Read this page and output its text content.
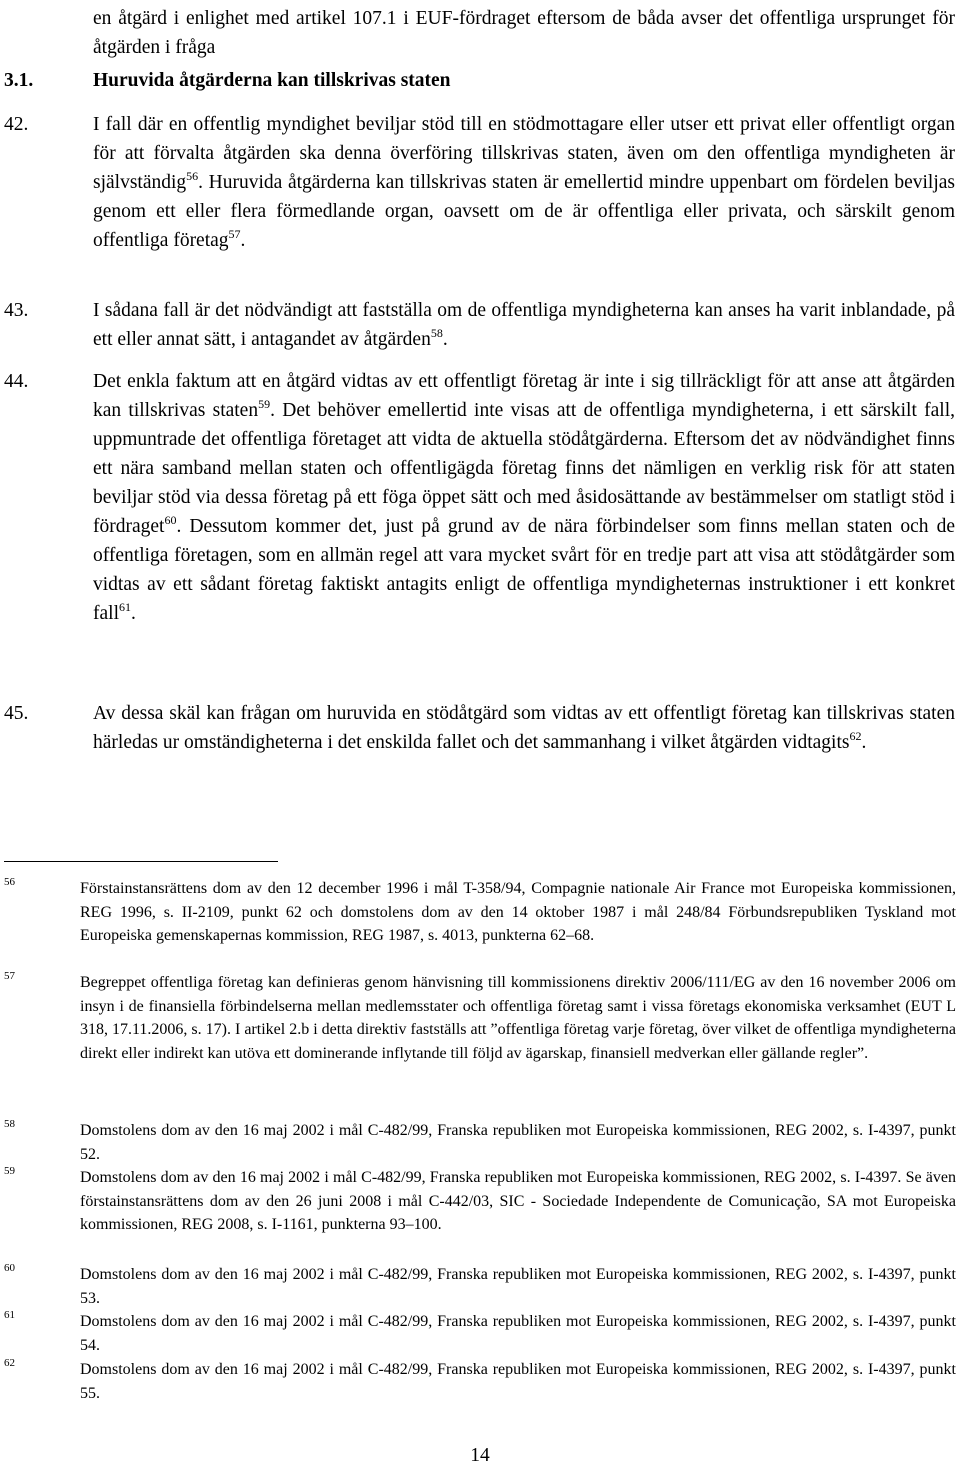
en åtgärd i enlighet med artikel 107.1 i EUF-fördraget eftersom de båda avser det offentliga ursprunget för åtgärden i fråga
3.1.	Huruvida åtgärderna kan tillskrivas staten
42.	I fall där en offentlig myndighet beviljar stöd till en stödmottagare eller utser ett privat eller offentligt organ för att förvalta åtgärden ska denna överföring tillskrivas staten, även om den offentliga myndigheten är självständig$^{56}$. Huruvida åtgärderna kan tillskrivas staten är emellertid mindre uppenbart om fördelen beviljas genom ett eller flera förmedlande organ, oavsett om de är offentliga eller privata, och särskilt genom offentliga företag$^{57}$.
43.	I sådana fall är det nödvändigt att fastställa om de offentliga myndigheterna kan anses ha varit inblandade, på ett eller annat sätt, i antagandet av åtgärden$^{58}$.
44.	Det enkla faktum att en åtgärd vidtas av ett offentligt företag är inte i sig tillräckligt för att anse att åtgärden kan tillskrivas staten$^{59}$. Det behöver emellertid inte visas att de offentliga myndigheterna, i ett särskilt fall, uppmuntrade det offentliga företaget att vidta de aktuella stödåtgärderna. Eftersom det av nödvändighet finns ett nära samband mellan staten och offentligägda företag finns det nämligen en verklig risk för att staten beviljar stöd via dessa företag på ett föga öppet sätt och med åsidosättande av bestämmelser om statligt stöd i fördraget$^{60}$. Dessutom kommer det, just på grund av de nära förbindelser som finns mellan staten och de offentliga företagen, som en allmän regel att vara mycket svårt för en tredje part att visa att stödåtgärder som vidtas av ett sådant företag faktiskt antagits enligt de offentliga myndigheternas instruktioner i ett konkret fall$^{61}$.
45.	Av dessa skäl kan frågan om huruvida en stödåtgärd som vidtas av ett offentligt företag kan tillskrivas staten härledas ur omständigheterna i det enskilda fallet och det sammanhang i vilket åtgärden vidtagits$^{62}$.
56	Förstainstansrättens dom av den 12 december 1996 i mål T-358/94, Compagnie nationale Air France mot Europeiska kommissionen, REG 1996, s. II-2109, punkt 62 och domstolens dom av den 14 oktober 1987 i mål 248/84 Förbundsrepubliken Tyskland mot Europeiska gemenskapernas kommission, REG 1987, s. 4013, punkterna 62–68.
57	Begreppet offentliga företag kan definieras genom hänvisning till kommissionens direktiv 2006/111/EG av den 16 november 2006 om insyn i de finansiella förbindelserna mellan medlemsstater och offentliga företag samt i vissa företags ekonomiska verksamhet (EUT L 318, 17.11.2006, s. 17). I artikel 2.b i detta direktiv fastställs att ”offentliga företag varje företag, över vilket de offentliga myndigheterna direkt eller indirekt kan utöva ett dominerande inflytande till följd av ägarskap, finansiell medverkan eller gällande regler”.
58	Domstolens dom av den 16 maj 2002 i mål C-482/99, Franska republiken mot Europeiska kommissionen, REG 2002, s. I-4397, punkt 52.
59	Domstolens dom av den 16 maj 2002 i mål C-482/99, Franska republiken mot Europeiska kommissionen, REG 2002, s. I-4397. Se även förstainstansrättens dom av den 26 juni 2008 i mål C-442/03, SIC - Sociedade Independente de Comunicação, SA mot Europeiska kommissionen, REG 2008, s. I-1161, punkterna 93–100.
60	Domstolens dom av den 16 maj 2002 i mål C-482/99, Franska republiken mot Europeiska kommissionen, REG 2002, s. I-4397, punkt 53.
61	Domstolens dom av den 16 maj 2002 i mål C-482/99, Franska republiken mot Europeiska kommissionen, REG 2002, s. I-4397, punkt 54.
62	Domstolens dom av den 16 maj 2002 i mål C-482/99, Franska republiken mot Europeiska kommissionen, REG 2002, s. I-4397, punkt 55.
14
